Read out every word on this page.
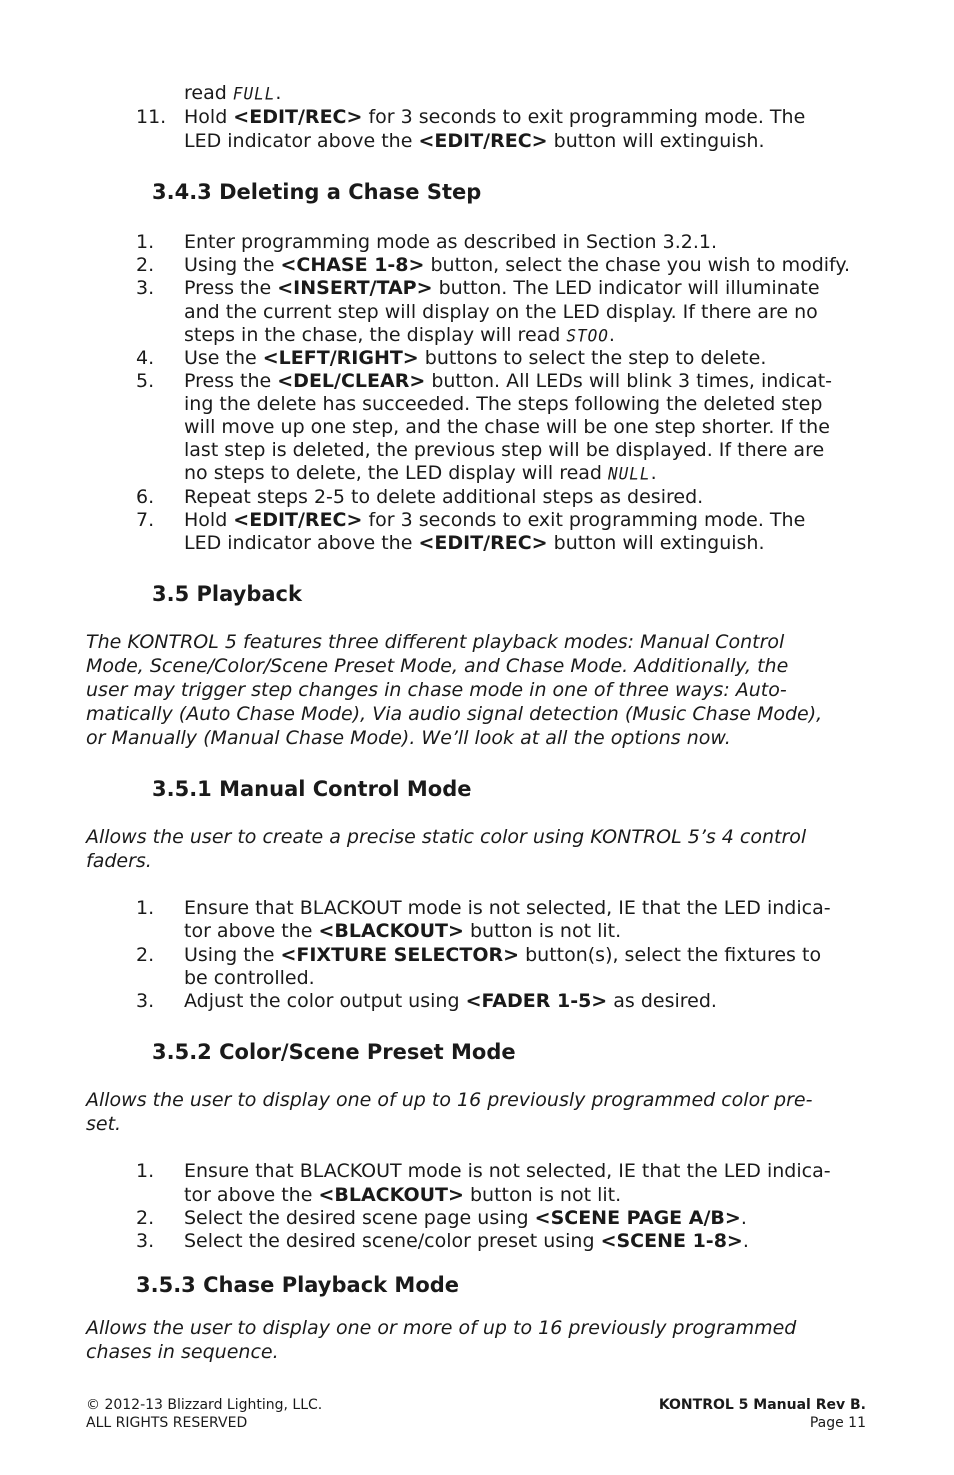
read FULL.
11. Hold <EDIT/REC> for 3 seconds to exit programming mode. The
LED indicator above the <EDIT/REC> button will extinguish.
3.4.3 Deleting a Chase Step
1. Enter programming mode as described in Section 3.2.1.
2. Using the <CHASE 1-8> button, select the chase you wish to modify.
3. Press the <INSERT/TAP> button. The LED indicator will illuminate
and the current step will display on the LED display. If there are no
steps in the chase, the display will read STOO.
4. Use the <LEFT/RIGHT> buttons to select the step to delete.
5. Press the <DEL/CLEAR> button. All LEDs will blink 3 times, indicat-
ing the delete has succeeded. The steps following the deleted step
will move up one step, and the chase will be one step shorter. If the
last step is deleted, the previous step will be displayed. If there are
no steps to delete, the LED display will read NULL.
6. Repeat steps 2-5 to delete additional steps as desired.
7. Hold <EDIT/REC> for 3 seconds to exit programming mode. The
LED indicator above the <EDIT/REC> button will extinguish.
3.5 Playback
The KONTROL 5 features three different playback modes: Manual Control
Mode, Scene/Color/Scene Preset Mode, and Chase Mode. Additionally, the
user may trigger step changes in chase mode in one of three ways: Auto-
matically (Auto Chase Mode), Via audio signal detection (Music Chase Mode),
or Manually (Manual Chase Mode). We’ll look at all the options now.
3.5.1 Manual Control Mode
Allows the user to create a precise static color using KONTROL 5’s 4 control
faders.
1. Ensure that BLACKOUT mode is not selected, IE that the LED indica-
tor above the <BLACKOUT> button is not lit.
2. Using the <FIXTURE SELECTOR> button(s), select the fixtures to
be controlled.
3. Adjust the color output using <FADER 1-5> as desired.
3.5.2 Color/Scene Preset Mode
Allows the user to display one of up to 16 previously programmed color pre-
set.
1. Ensure that BLACKOUT mode is not selected, IE that the LED indica-
tor above the <BLACKOUT> button is not lit.
2. Select the desired scene page using <SCENE PAGE A/B>.
3. Select the desired scene/color preset using <SCENE 1-8>.
3.5.3 Chase Playback Mode
Allows the user to display one or more of up to 16 previously programmed
chases in sequence.
© 2012-13 Blizzard Lighting, LLC.
ALL RIGHTS RESERVED
KONTROL 5 Manual Rev B.
Page 11
